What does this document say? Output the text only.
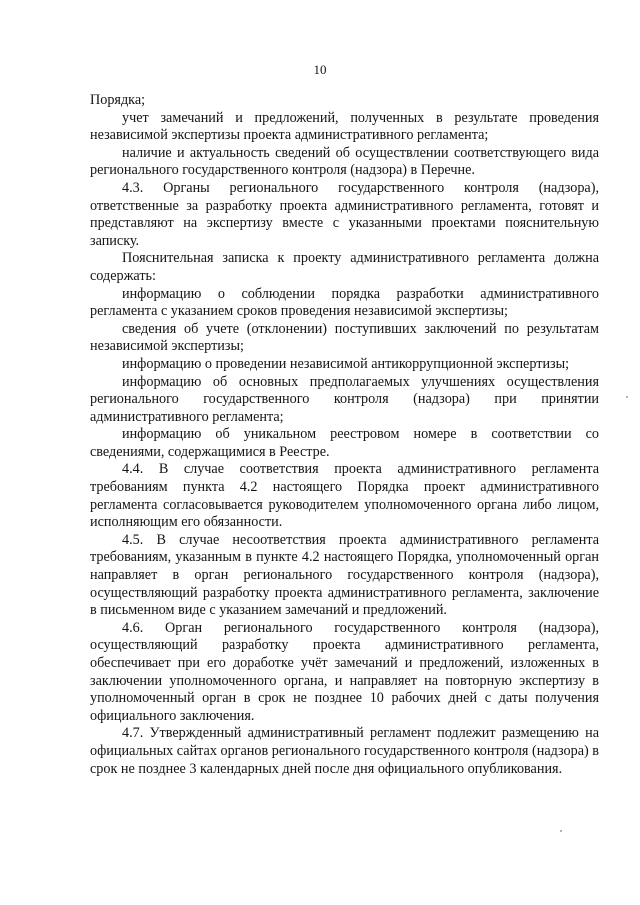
10

Порядка;

учет замечаний и предложений, полученных в результате проведения независимой экспертизы проекта административного регламента;

наличие и актуальность сведений об осуществлении соответствующего вида регионального государственного контроля (надзора) в Перечне.

4.3. Органы регионального государственного контроля (надзора), ответственные за разработку проекта административного регламента, готовят и представляют на экспертизу вместе с указанными проектами пояснительную записку.

Пояснительная записка к проекту административного регламента должна содержать:

информацию о соблюдении порядка разработки административного регламента с указанием сроков проведения независимой экспертизы;

сведения об учете (отклонении) поступивших заключений по результатам независимой экспертизы;

информацию о проведении независимой антикоррупционной экспертизы;

информацию об основных предполагаемых улучшениях осуществления регионального государственного контроля (надзора) при принятии административного регламента;

информацию об уникальном реестровом номере в соответствии со сведениями, содержащимися в Реестре.

4.4. В случае соответствия проекта административного регламента требованиям пункта 4.2 настоящего Порядка проект административного регламента согласовывается руководителем уполномоченного органа либо лицом, исполняющим его обязанности.

4.5. В случае несоответствия проекта административного регламента требованиям, указанным в пункте 4.2 настоящего Порядка, уполномоченный орган направляет в орган регионального государственного контроля (надзора), осуществляющий разработку проекта административного регламента, заключение в письменном виде с указанием замечаний и предложений.

4.6. Орган регионального государственного контроля (надзора), осуществляющий разработку проекта административного регламента, обеспечивает при его доработке учёт замечаний и предложений, изложенных в заключении уполномоченного органа, и направляет на повторную экспертизу в уполномоченный орган в срок не позднее 10 рабочих дней с даты получения официального заключения.

4.7. Утвержденный административный регламент подлежит размещению на официальных сайтах органов регионального государственного контроля (надзора) в срок не позднее 3 календарных дней после дня официального опубликования.
